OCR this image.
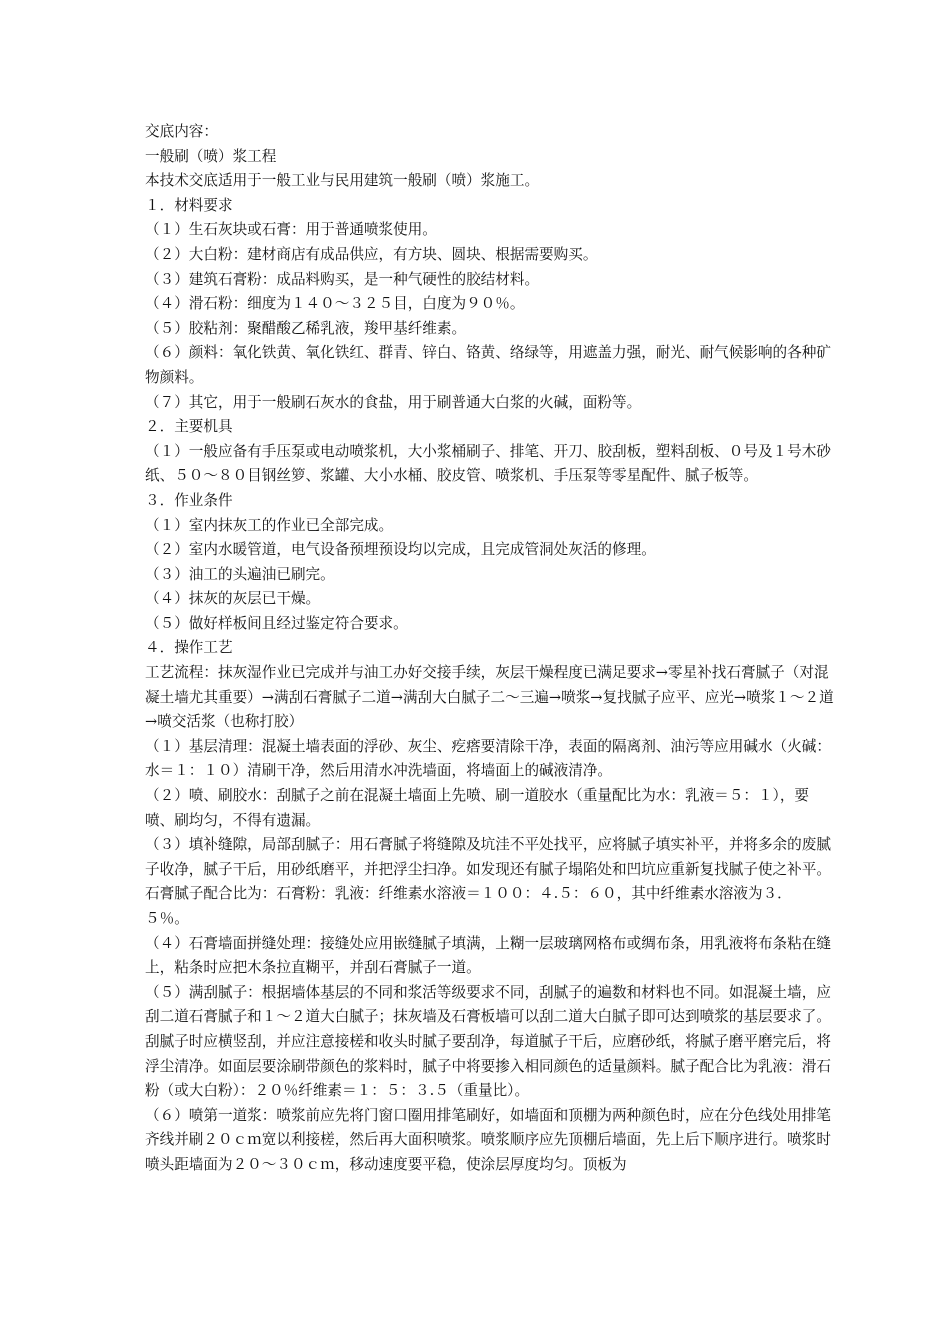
交底内容：

一般刷（喷）浆工程

本技术交底适用于一般工业与民用建筑一般刷（喷）浆施工。

１．材料要求

（１）生石灰块或石膏：用于普通喷浆使用。

（２）大白粉：建材商店有成品供应，有方块、圆块、根据需要购买。

（３）建筑石膏粉：成品料购买，是一种气硬性的胶结材料。

（４）滑石粉：细度为１４０～３２５目，白度为９０％。

（５）胶粘剂：聚醋酸乙稀乳液，羧甲基纤维素。

（６）颜料：氧化铁黄、氧化铁红、群青、锌白、铬黄、络绿等，用遮盖力强，耐光、耐气候影响的各种矿物颜料。

（７）其它，用于一般刷石灰水的食盐，用于刷普通大白浆的火碱，面粉等。

２．主要机具

（１）一般应备有手压泵或电动喷浆机，大小浆桶刷子、排笔、开刀、胶刮板，塑料刮板、０号及１号木砂纸、５０～８０目钢丝箩、浆罐、大小水桶、胶皮管、喷浆机、手压泵等零星配件、腻子板等。

３．作业条件

（１）室内抹灰工的作业已全部完成。

（２）室内水暖管道，电气设备预埋预设均以完成，且完成管洞处灰活的修理。

（３）油工的头遍油已刷完。

（４）抹灰的灰层已干燥。

（５）做好样板间且经过鉴定符合要求。

４．操作工艺

工艺流程：抹灰湿作业已完成并与油工办好交接手续，灰层干燥程度已满足要求→零星补找石膏腻子（对混凝土墙尤其重要）→满刮石膏腻子二道→满刮大白腻子二～三遍→喷浆→复找腻子应平、应光→喷浆１～２道→喷交活浆（也称打胶）

（１）基层清理：混凝土墙表面的浮砂、灰尘、疙瘩要清除干净，表面的隔离剂、油污等应用碱水（火碱：水＝１：１０）清刷干净，然后用清水冲洗墙面，将墙面上的碱液清净。

（２）喷、刷胶水：刮腻子之前在混凝土墙面上先喷、刷一道胶水（重量配比为水：乳液＝５：１），要喷、刷均匀，不得有遗漏。

（３）填补缝隙，局部刮腻子：用石膏腻子将缝隙及坑洼不平处找平，应将腻子填实补平，并将多余的废腻子收净，腻子干后，用砂纸磨平，并把浮尘扫净。如发现还有腻子塌陷处和凹坑应重新复找腻子使之补平。石膏腻子配合比为：石膏粉：乳液：纤维素水溶液＝１００：４.５：６０，其中纤维素水溶液为３．５％。

（４）石膏墙面拼缝处理：接缝处应用嵌缝腻子填满，上糊一层玻璃网格布或绸布条，用乳液将布条粘在缝上，粘条时应把木条拉直糊平，并刮石膏腻子一道。

（５）满刮腻子：根据墙体基层的不同和浆活等级要求不同，刮腻子的遍数和材料也不同。如混凝土墙，应刮二道石膏腻子和１～２道大白腻子；抹灰墙及石膏板墙可以刮二道大白腻子即可达到喷浆的基层要求了。刮腻子时应横竖刮，并应注意接槎和收头时腻子要刮净，每道腻子干后，应磨砂纸，将腻子磨平磨完后，将浮尘清净。如面层要涂刷带颜色的浆料时，腻子中将要掺入相同颜色的适量颜料。腻子配合比为乳液：滑石粉（或大白粉）：２０％纤维素＝１：５：３.５（重量比）。

（６）喷第一道浆：喷浆前应先将门窗口圈用排笔刷好，如墙面和顶棚为两种颜色时，应在分色线处用排笔齐线并刷２０ｃｍ宽以利接槎，然后再大面积喷浆。喷浆顺序应先顶棚后墙面，先上后下顺序进行。喷浆时喷头距墙面为２０～３０ｃｍ，移动速度要平稳，使涂层厚度均匀。顶板为
